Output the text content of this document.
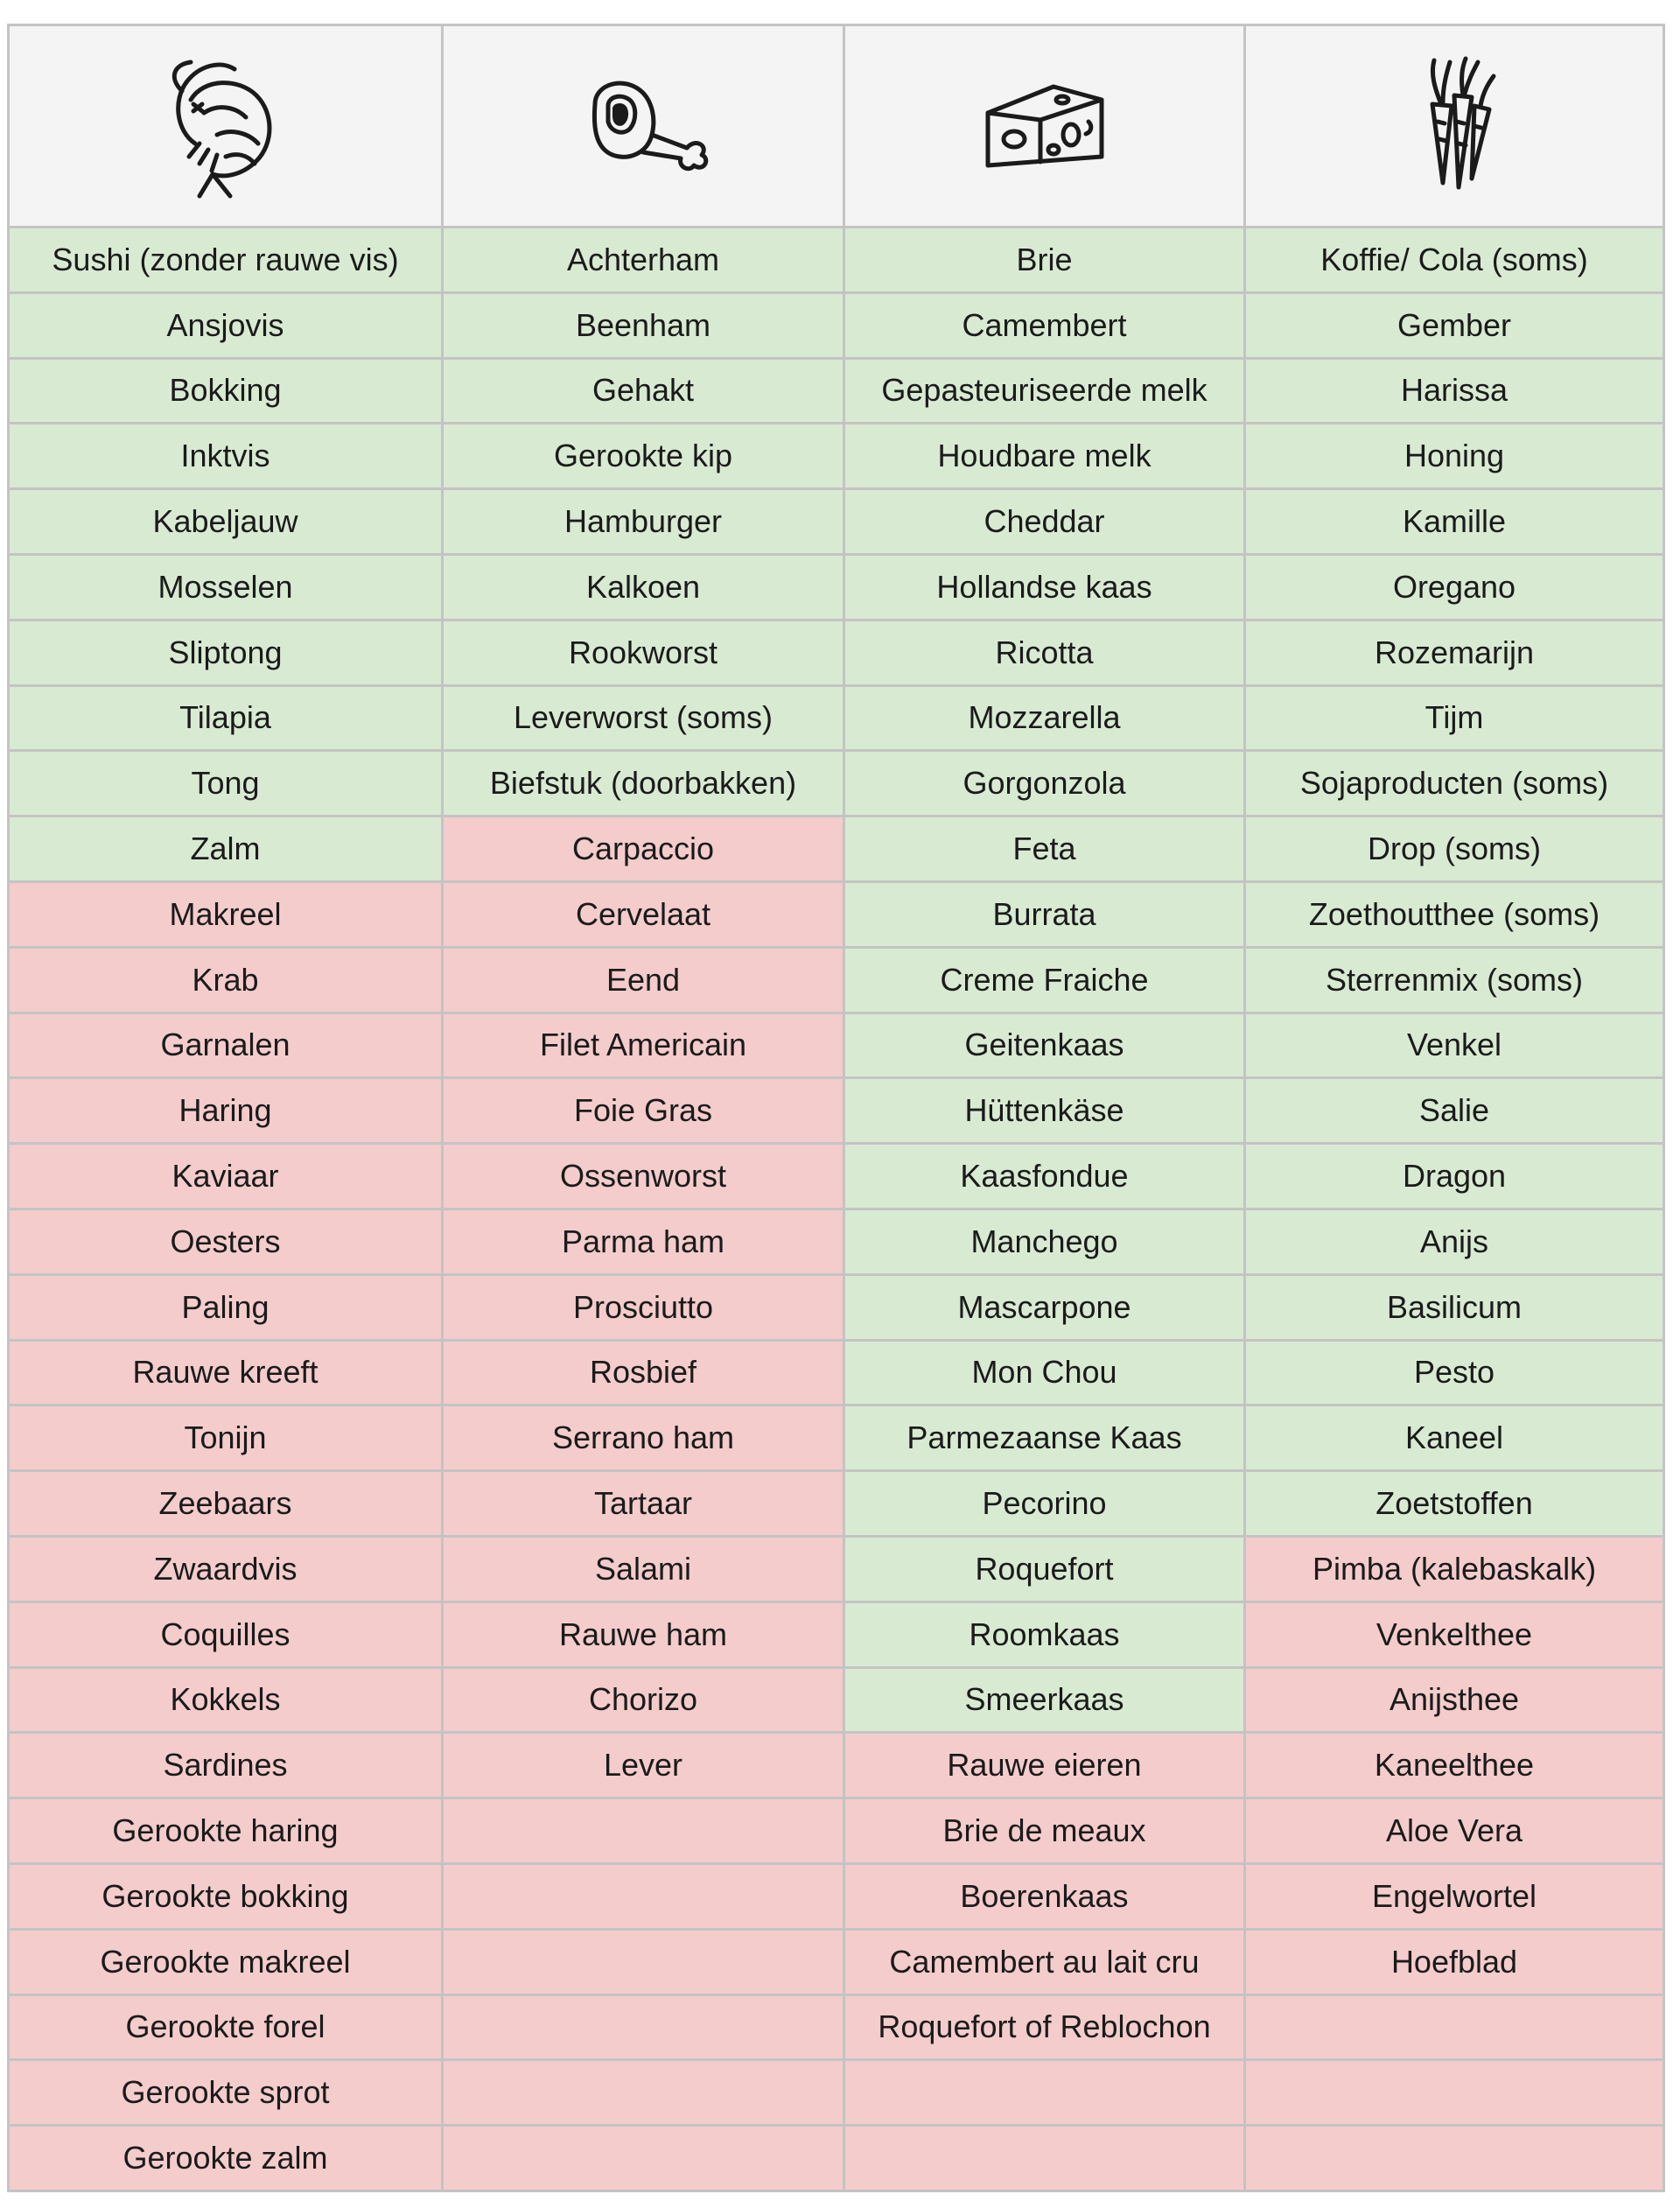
Sushi (zonder rauwe vis)	Achterham	Brie	Koffie/ Cola (soms)
Ansjovis	Beenham	Camembert	Gember
Bokking	Gehakt	Gepasteuriseerde melk	Harissa
Inktvis	Gerookte kip	Houdbare melk	Honing
Kabeljauw	Hamburger	Cheddar	Kamille
Mosselen	Kalkoen	Hollandse kaas	Oregano
Sliptong	Rookworst	Ricotta	Rozemarijn
Tilapia	Leverworst (soms)	Mozzarella	Tijm
Tong	Biefstuk (doorbakken)	Gorgonzola	Sojaproducten (soms)
Zalm	Carpaccio	Feta	Drop (soms)
Makreel	Cervelaat	Burrata	Zoethoutthee (soms)
Krab	Eend	Creme Fraiche	Sterrenmix (soms)
Garnalen	Filet Americain	Geitenkaas	Venkel
Haring	Foie Gras	Hüttenkäse	Salie
Kaviaar	Ossenworst	Kaasfondue	Dragon
Oesters	Parma ham	Manchego	Anijs
Paling	Prosciutto	Mascarpone	Basilicum
Rauwe kreeft	Rosbief	Mon Chou	Pesto
Tonijn	Serrano ham	Parmezaanse Kaas	Kaneel
Zeebaars	Tartaar	Pecorino	Zoetstoffen
Zwaardvis	Salami	Roquefort	Pimba (kalebaskalk)
Coquilles	Rauwe ham	Roomkaas	Venkelthee
Kokkels	Chorizo	Smeerkaas	Anijsthee
Sardines	Lever	Rauwe eieren	Kaneelthee
Gerookte haring		Brie de meaux	Aloe Vera
Gerookte bokking		Boerenkaas	Engelwortel
Gerookte makreel		Camembert au lait cru	Hoefblad
Gerookte forel		Roquefort of Reblochon	
Gerookte sprot			
Gerookte zalm			
